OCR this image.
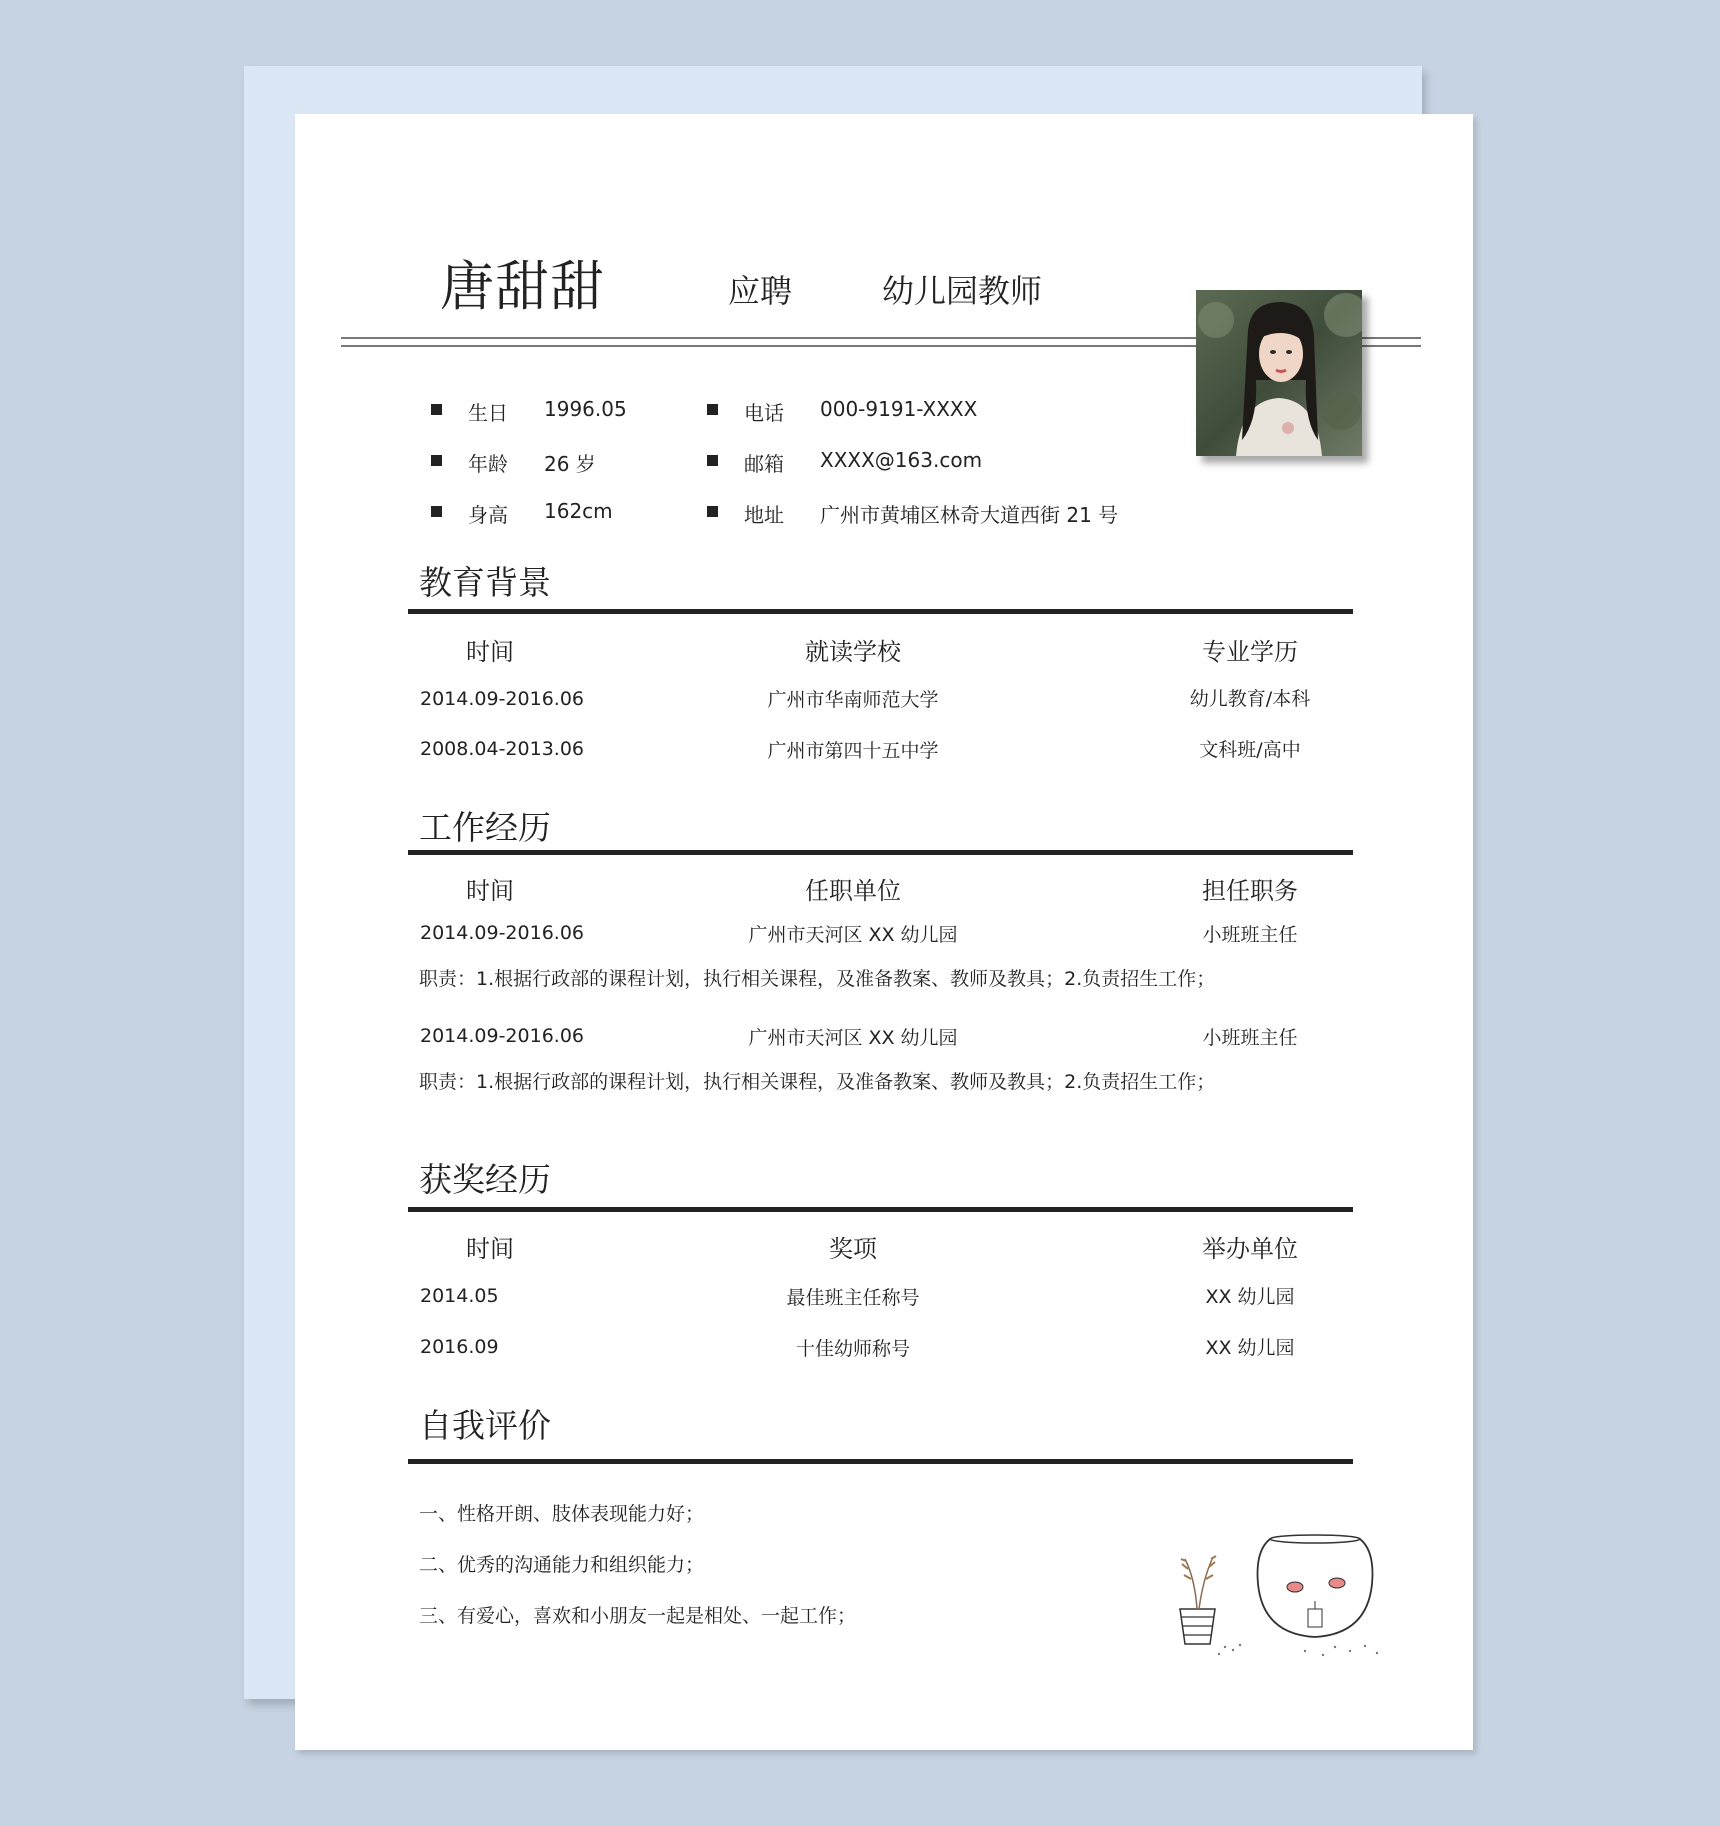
唐甜甜	应聘	幼儿园教师
生日 1996.05
年龄 26 岁
身高 162cm
电话 000-9191-XXXX
邮箱 XXXX@163.com
地址 广州市黄埔区林奇大道西街 21 号
教育背景
时间	就读学校	专业学历
2014.09-2016.06	广州市华南师范大学	幼儿教育/本科
2008.04-2013.06	广州市第四十五中学	文科班/高中
工作经历
时间	任职单位	担任职务
2014.09-2016.06	广州市天河区 XX 幼儿园	小班班主任
职责：1.根据行政部的课程计划，执行相关课程，及准备教案、教师及教具；2.负责招生工作；
2014.09-2016.06	广州市天河区 XX 幼儿园	小班班主任
职责：1.根据行政部的课程计划，执行相关课程，及准备教案、教师及教具；2.负责招生工作；
获奖经历
时间	奖项	举办单位
2014.05	最佳班主任称号	XX 幼儿园
2016.09	十佳幼师称号	XX 幼儿园
自我评价
一、性格开朗、肢体表现能力好；
二、优秀的沟通能力和组织能力；
三、有爱心，喜欢和小朋友一起是相处、一起工作；
